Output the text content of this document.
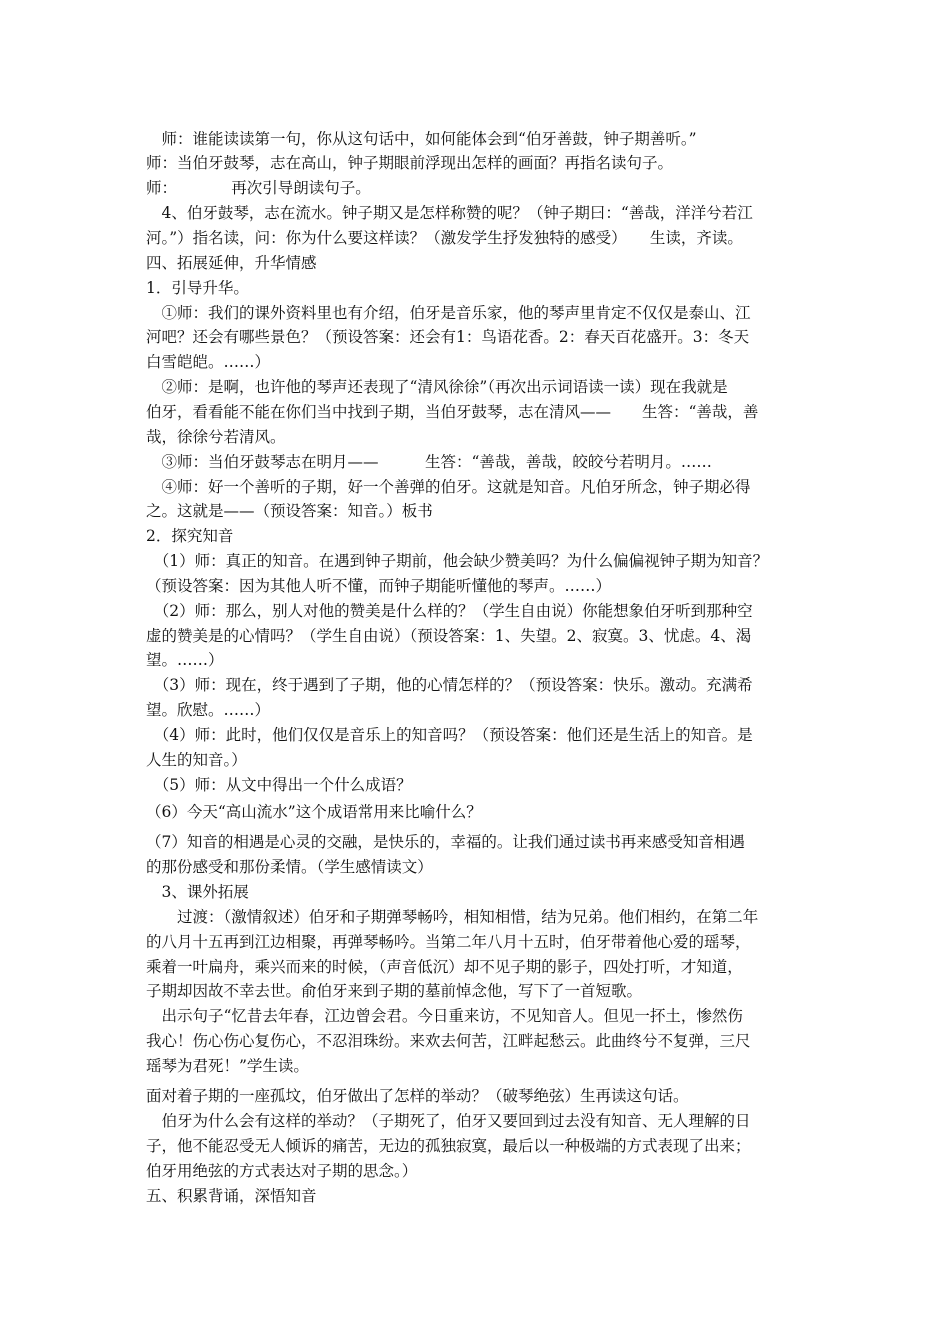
　师：谁能读读第一句，你从这句话中，如何能体会到“伯牙善鼓，钟子期善听。”
师：当伯牙鼓琴，志在高山，钟子期眼前浮现出怎样的画面？再指名读句子。
师：　　　　再次引导朗读句子。
　4、伯牙鼓琴，志在流水。钟子期又是怎样称赞的呢？（钟子期曰：“善哉，洋洋兮若江
河。”）指名读，问：你为什么要这样读？（激发学生抒发独特的感受）　　生读，齐读。
四、拓展延伸，升华情感
1．引导升华。
　①师：我们的课外资料里也有介绍，伯牙是音乐家，他的琴声里肯定不仅仅是泰山、江
河吧？还会有哪些景色？（预设答案：还会有1：鸟语花香。2：春天百花盛开。3：冬天
白雪皑皑。……）
　②师：是啊，也许他的琴声还表现了“清风徐徐”（再次出示词语读一读）现在我就是
伯牙，看看能不能在你们当中找到子期，当伯牙鼓琴，志在清风——　　生答：“善哉，善
哉，徐徐兮若清风。
　③师：当伯牙鼓琴志在明月——　　　生答：“善哉，善哉，皎皎兮若明月。……
　④师：好一个善听的子期，好一个善弹的伯牙。这就是知音。凡伯牙所念，钟子期必得
之。这就是——（预设答案：知音。）板书
2．探究知音
　（1）师：真正的知音。在遇到钟子期前，他会缺少赞美吗？为什么偏偏视钟子期为知音？
（预设答案：因为其他人听不懂，而钟子期能听懂他的琴声。……）
　（2）师：那么，别人对他的赞美是什么样的？（学生自由说）你能想象伯牙听到那种空
虚的赞美是的心情吗？（学生自由说）（预设答案：1、失望。2、寂寞。3、忧虑。4、渴
望。……）
　（3）师：现在，终于遇到了子期，他的心情怎样的？（预设答案：快乐。激动。充满希
望。欣慰。……）
　（4）师：此时，他们仅仅是音乐上的知音吗？（预设答案：他们还是生活上的知音。是
人生的知音。）
　（5）师：从文中得出一个什么成语？
（6）今天“高山流水”这个成语常用来比喻什么？
（7）知音的相遇是心灵的交融，是快乐的，幸福的。让我们通过读书再来感受知音相遇
的那份感受和那份柔情。（学生感情读文）
　3、课外拓展
　　过渡：（激情叙述）伯牙和子期弹琴畅吟，相知相惜，结为兄弟。他们相约，在第二年
的八月十五再到江边相聚，再弹琴畅吟。当第二年八月十五时，伯牙带着他心爱的瑶琴，
乘着一叶扁舟，乘兴而来的时候，（声音低沉）却不见子期的影子，四处打听，才知道，
子期却因故不幸去世。俞伯牙来到子期的墓前悼念他，写下了一首短歌。
　出示句子“忆昔去年春，江边曾会君。今日重来访，不见知音人。但见一抔土，惨然伤
我心！伤心伤心复伤心，不忍泪珠纷。来欢去何苦，江畔起愁云。此曲终兮不复弹，三尺
瑶琴为君死！”学生读。
面对着子期的一座孤坟，伯牙做出了怎样的举动？（破琴绝弦）生再读这句话。
　伯牙为什么会有这样的举动？（子期死了，伯牙又要回到过去没有知音、无人理解的日
子，他不能忍受无人倾诉的痛苦，无边的孤独寂寞，最后以一种极端的方式表现了出来；
伯牙用绝弦的方式表达对子期的思念。）
五、积累背诵，深悟知音
